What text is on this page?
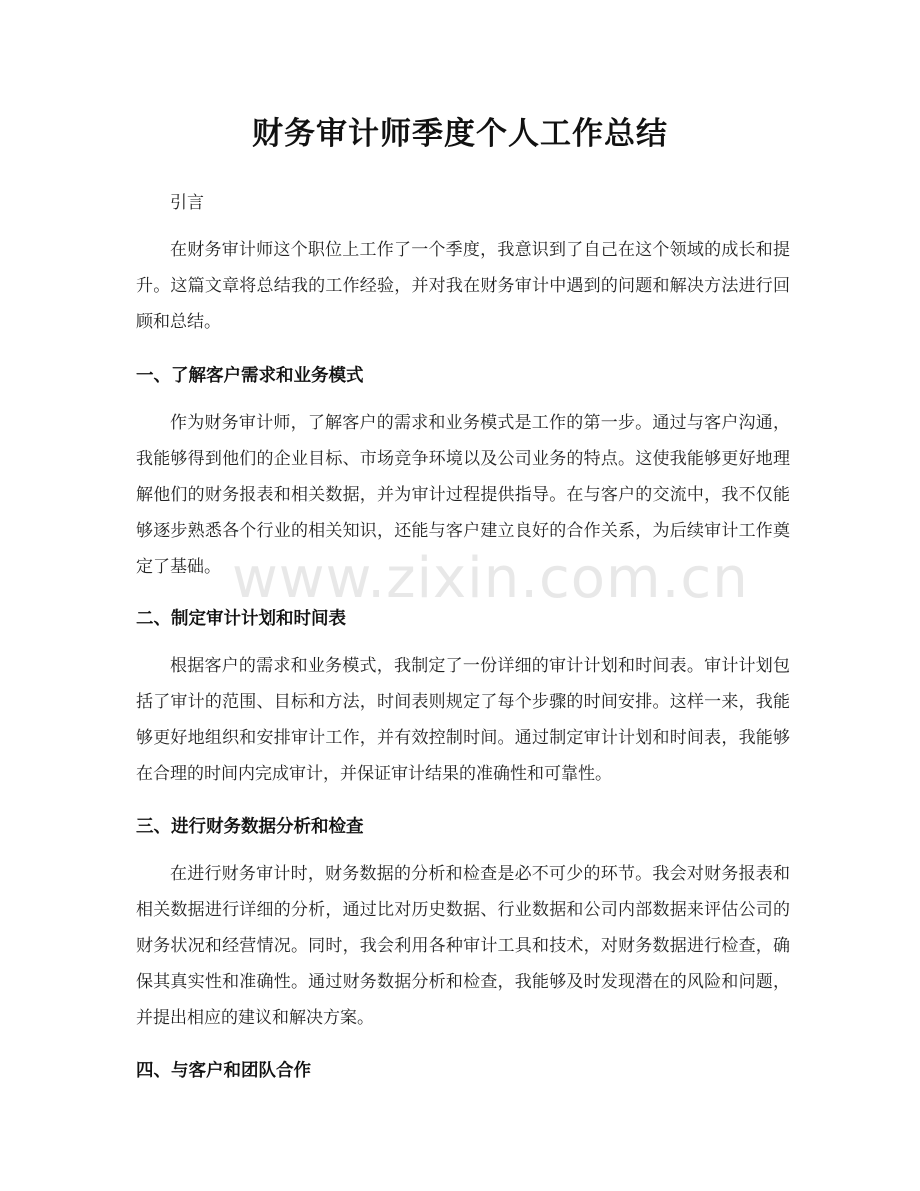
财务审计师季度个人工作总结
引言

在财务审计师这个职位上工作了一个季度，我意识到了自己在这个领域的成长和提升。这篇文章将总结我的工作经验，并对我在财务审计中遇到的问题和解决方法进行回顾和总结。

一、了解客户需求和业务模式

作为财务审计师，了解客户的需求和业务模式是工作的第一步。通过与客户沟通，我能够得到他们的企业目标、市场竞争环境以及公司业务的特点。这使我能够更好地理解他们的财务报表和相关数据，并为审计过程提供指导。在与客户的交流中，我不仅能够逐步熟悉各个行业的相关知识，还能与客户建立良好的合作关系，为后续审计工作奠定了基础。

二、制定审计计划和时间表

根据客户的需求和业务模式，我制定了一份详细的审计计划和时间表。审计计划包括了审计的范围、目标和方法，时间表则规定了每个步骤的时间安排。这样一来，我能够更好地组织和安排审计工作，并有效控制时间。通过制定审计计划和时间表，我能够在合理的时间内完成审计，并保证审计结果的准确性和可靠性。

三、进行财务数据分析和检查

在进行财务审计时，财务数据的分析和检查是必不可少的环节。我会对财务报表和相关数据进行详细的分析，通过比对历史数据、行业数据和公司内部数据来评估公司的财务状况和经营情况。同时，我会利用各种审计工具和技术，对财务数据进行检查，确保其真实性和准确性。通过财务数据分析和检查，我能够及时发现潜在的风险和问题，并提出相应的建议和解决方案。

四、与客户和团队合作
www.zixin.com.cn
